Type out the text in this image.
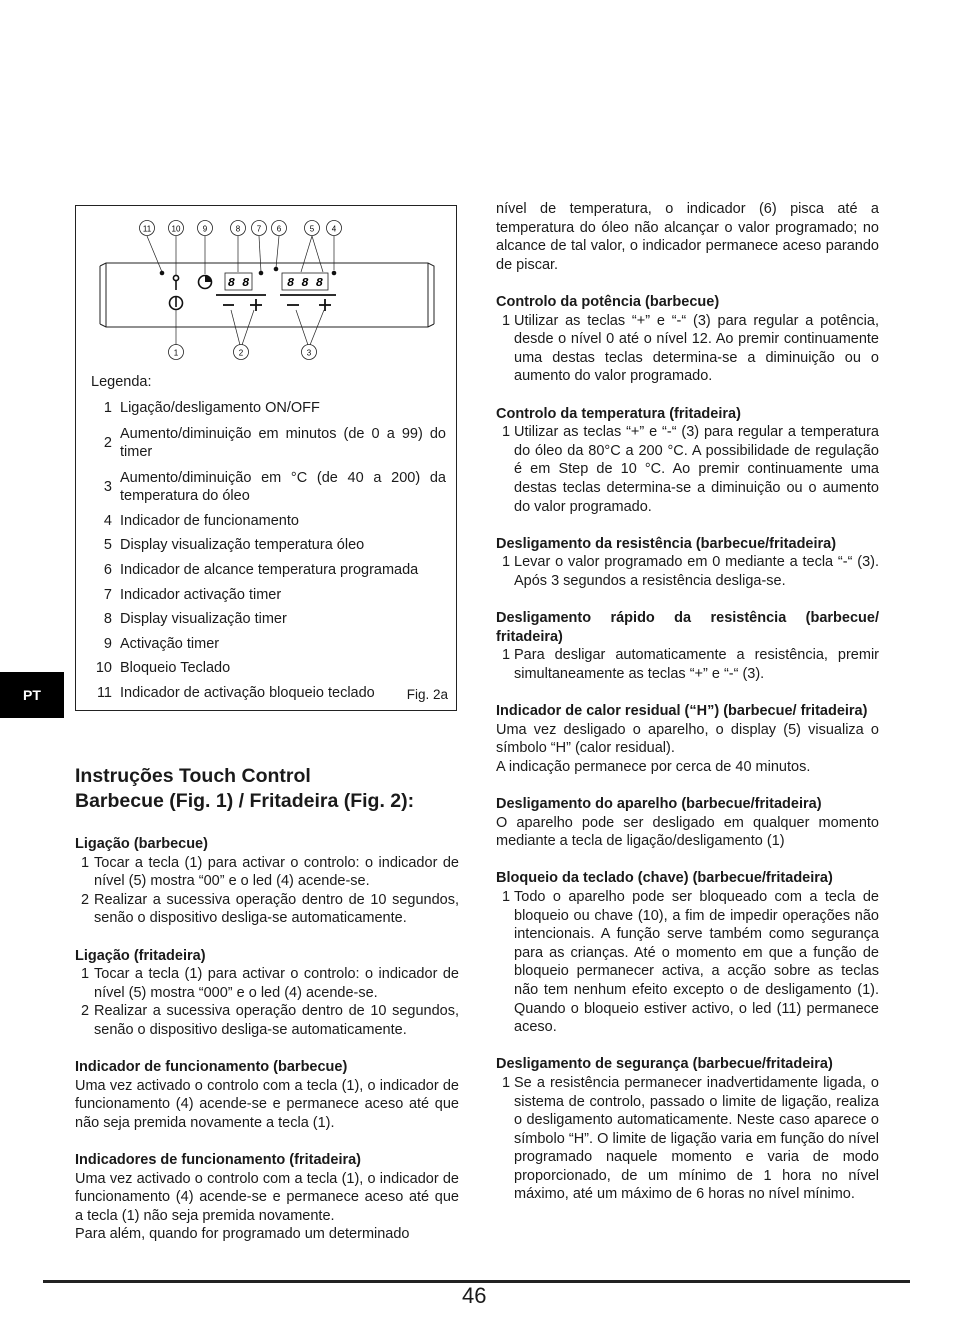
11	10	9	8 7 6	5 4
8 8	8 8 8
1	2	3
Legenda:
1	Ligação/desligamento ON/OFF
2	Aumento/diminuição em minutos (de 0 a 99) do timer
3	Aumento/diminuição em °C (de 40 a 200) da temperatura do óleo
4	Indicador de funcionamento
5	Display visualização temperatura óleo
6	Indicador de alcance temperatura programada
7	Indicador activação timer
8	Display visualização timer
9	Activação timer
10	Bloqueio Teclado
11	Indicador de activação bloqueio teclado Fig. 2a
PT
Instruções Touch Control
Barbecue (Fig. 1) / Fritadeira (Fig. 2):
Ligação (barbecue)
1 Tocar a tecla (1) para activar o controlo: o indicador de nível (5) mostra “00” e o led (4) acende-se.
2 Realizar a sucessiva operação dentro de 10 segundos, senão o dispositivo desliga-se automaticamente.
Ligação (fritadeira)
1 Tocar a tecla (1) para activar o controlo: o indicador de nível (5) mostra “000” e o led (4) acende-se.
2 Realizar a sucessiva operação dentro de 10 segundos, senão o dispositivo desliga-se automaticamente.
Indicador de funcionamento (barbecue)
Uma vez activado o controlo com a tecla (1), o indicador de funcionamento (4) acende-se e permanece aceso até que não seja premida novamente a tecla (1).
Indicadores de funcionamento (fritadeira)
Uma vez activado o controlo com a tecla (1), o indicador de funcionamento (4) acende-se e permanece aceso até que a tecla (1) não seja premida novamente.
Para além, quando for programado um determinado
nível de temperatura, o indicador (6) pisca até a temperatura do óleo não alcançar o valor programado; no alcance de tal valor, o indicador permanece aceso parando de piscar.
Controlo da potência (barbecue)
1 Utilizar as teclas “+” e “-“ (3) para regular a potência, desde o nível 0 até o nível 12. Ao premir continuamente uma destas teclas determina-se a diminuição ou o aumento do valor programado.
Controlo da temperatura (fritadeira)
1 Utilizar as teclas “+” e “-“ (3) para regular a temperatura do óleo da 80°C a 200 °C. A possibilidade de regulação é em Step de 10 °C. Ao premir continuamente uma destas teclas determina-se a diminuição ou o aumento do valor programado.
Desligamento da resistência (barbecue/fritadeira)
1 Levar o valor programado em 0 mediante a tecla “-“ (3). Após 3 segundos a resistência desliga-se.
Desligamento rápido da resistência (barbecue/ fritadeira)
1 Para desligar automaticamente a resistência, premir simultaneamente as teclas “+” e “-“ (3).
Indicador de calor residual (“H”) (barbecue/ fritadeira)
Uma vez desligado o aparelho, o display (5) visualiza o símbolo “H” (calor residual).
A indicação permanece por cerca de 40 minutos.
Desligamento do aparelho (barbecue/fritadeira)
O aparelho pode ser desligado em qualquer momento mediante a tecla de ligação/desligamento (1)
Bloqueio da teclado (chave) (barbecue/fritadeira)
1 Todo o aparelho pode ser bloqueado com a tecla de bloqueio ou chave (10), a fim de impedir operações não intencionais. A função serve também como segurança para as crianças. Até o momento em que a função de bloqueio permanecer activa, a acção sobre as teclas não tem nenhum efeito excepto o de desligamento (1). Quando o bloqueio estiver activo, o led (11) permanece aceso.
Desligamento de segurança (barbecue/fritadeira)
1 Se a resistência permanecer inadvertidamente ligada, o sistema de controlo, passado o limite de ligação, realiza o desligamento automaticamente. Neste caso aparece o símbolo “H”. O limite de ligação varia em função do nível programado naquele momento e varia de modo proporcionado, de um mínimo de 1 hora no nível máximo, até um máximo de 6 horas no nível mínimo.
46
